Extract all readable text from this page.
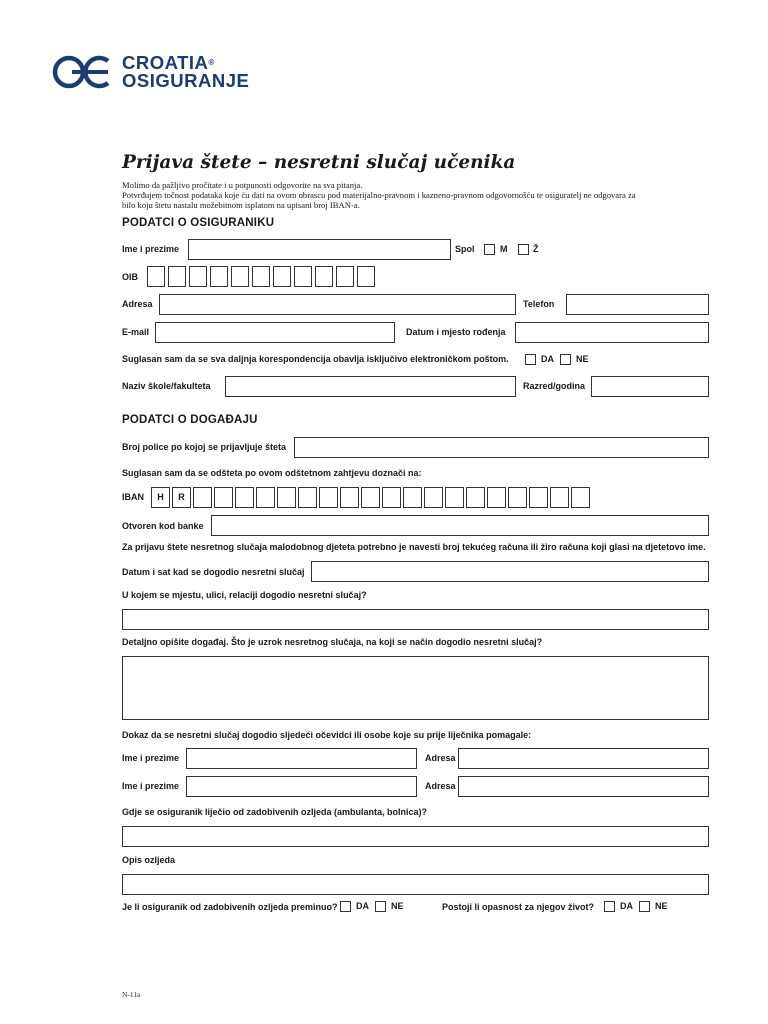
CROATIA®
OSIGURANJE
Prijava štete – nesretni slučaj učenika
Molimo da pažljivo pročitate i u potpunosti odgovorite na sva pitanja.
Potvrđujem točnost podataka koje ću dati na ovom obrascu pod materijalno-pravnom i kazneno-pravnom odgovornošću te osiguratelj ne odgovara za
bilo koju štetu nastalu možebitnom isplatom na upisani broj IBAN-a.
PODATCI O OSIGURANIKU
Ime i prezime	Spol	M	Ž
OIB
Adresa	Telefon
E-mail	Datum i mjesto rođenja
Suglasan sam da se sva daljnja korespondencija obavlja isključivo elektroničkom poštom.	DA NE
Naziv škole/fakulteta	Razred/godina
PODATCI O DOGAĐAJU
Broj police po kojoj se prijavljuje šteta
Suglasan sam da se odšteta po ovom odštetnom zahtjevu doznači na:
IBAN	H	R
Otvoren kod banke
Za prijavu štete nesretnog slučaja malodobnog djeteta potrebno je navesti broj tekućeg računa ili žiro računa koji glasi na djetetovo ime.
Datum i sat kad se dogodio nesretni slučaj
U kojem se mjestu, ulici, relaciji dogodio nesretni slučaj?
Detaljno opišite događaj. Što je uzrok nesretnog slučaja, na koji se način dogodio nesretni slučaj?
Dokaz da se nesretni slučaj dogodio sljedeći očevidci ili osobe koje su prije liječnika pomagale:
Ime i prezime	Adresa
Ime i prezime	Adresa
Gdje se osiguranik liječio od zadobivenih ozljeda (ambulanta, bolnica)?
Opis ozljeda
Je li osiguranik od zadobivenih ozljeda preminuo? DA NE	Postoji li opasnost za njegov život?	DA NE
N-11a
